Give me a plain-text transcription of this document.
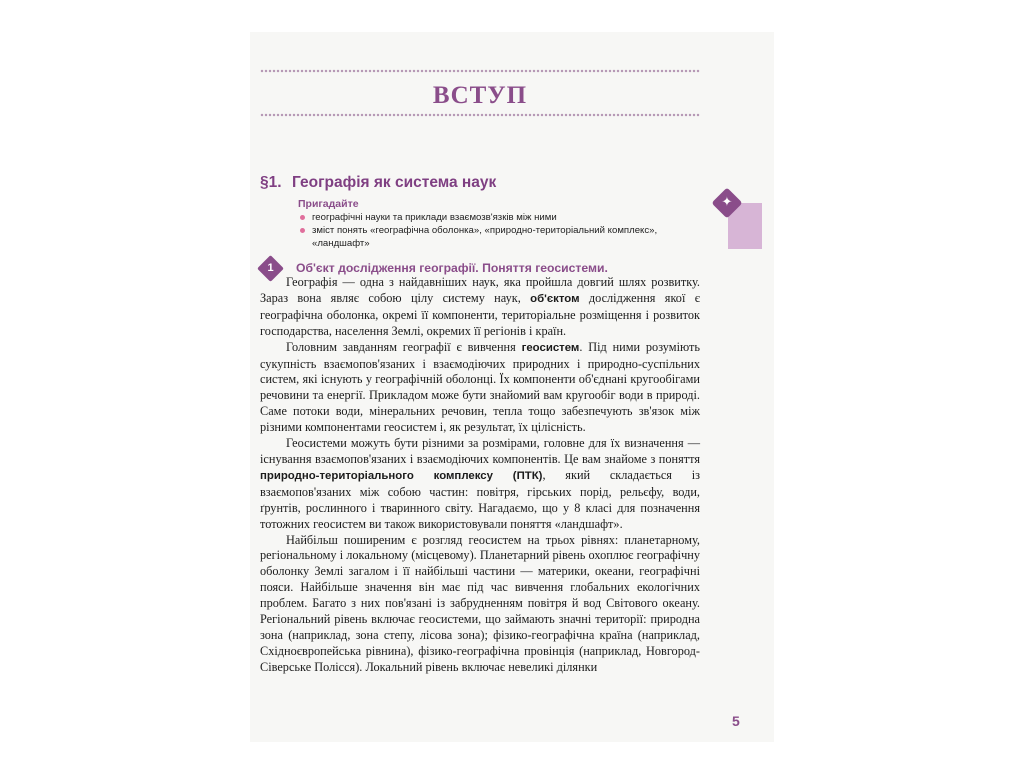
ВСТУП
§1. Географія як система наук
Пригадайте
географічні науки та приклади взаємозв'язків між ними
зміст понять «географічна оболонка», «природно-територіальний комплекс», «ландшафт»
✦
1	Об'єкт дослідження географії. Поняття геосистеми.

Географія — одна з найдавніших наук, яка пройшла довгий шлях розвитку. Зараз вона являє собою цілу систему наук, об'єктом дослідження якої є географічна оболонка, окремі її компоненти, територіальне розміщення і розвиток господарства, населення Землі, окремих її регіонів і країн.

Головним завданням географії є вивчення геосистем. Під ними розуміють сукупність взаємопов'язаних і взаємодіючих природних і природно-суспільних систем, які існують у географічній оболонці. Їх компоненти об'єднані кругообігами речовини та енергії. Прикладом може бути знайомий вам кругообіг води в природі. Саме потоки води, мінеральних речовин, тепла тощо забезпечують зв'язок між різними компонентами геосистем і, як результат, їх цілісність.

Геосистеми можуть бути різними за розмірами, головне для їх визначення — існування взаємопов'язаних і взаємодіючих компонентів. Це вам знайоме з поняття природно-територіального комплексу (ПТК), який складається із взаємопов'язаних між собою частин: повітря, гірських порід, рельєфу, води, ґрунтів, рослинного і тваринного світу. Нагадаємо, що у 8 класі для позначення тотожних геосистем ви також використовували поняття «ландшафт».

Найбільш поширеним є розгляд геосистем на трьох рівнях: планетарному, регіональному і локальному (місцевому). Планетарний рівень охоплює географічну оболонку Землі загалом і її найбільші частини — материки, океани, географічні пояси. Найбільше значення він має під час вивчення глобальних екологічних проблем. Багато з них пов'язані із забрудненням повітря й вод Світового океану. Регіональний рівень включає геосистеми, що займають значні території: природна зона (наприклад, зона степу, лісова зона); фізико-географічна країна (наприклад, Східноєвропейська рівнина), фізико-географічна провінція (наприклад, Новгород-Сіверське Полісся). Локальний рівень включає невеликі ділянки

5
